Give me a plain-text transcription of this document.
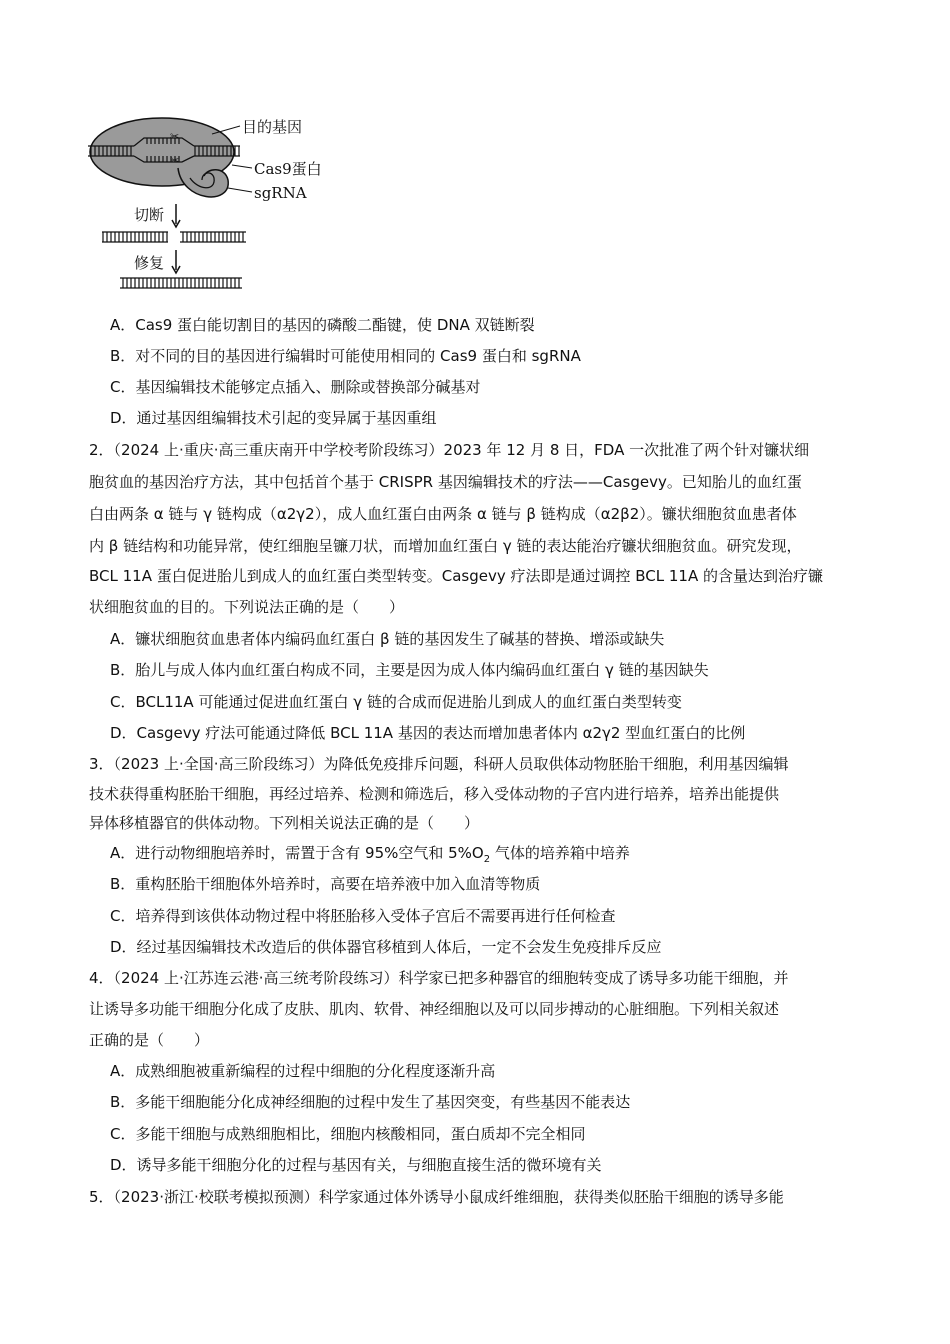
✂
✂
目的基因
Cas9蛋白
sgRNA
切断
修复
A．Cas9 蛋白能切割目的基因的磷酸二酯键，使 DNA 双链断裂
B．对不同的目的基因进行编辑时可能使用相同的 Cas9 蛋白和 sgRNA
C．基因编辑技术能够定点插入、删除或替换部分碱基对
D．通过基因组编辑技术引起的变异属于基因重组
2．（2024 上·重庆·高三重庆南开中学校考阶段练习）2023 年 12 月 8 日，FDA 一次批准了两个针对镰状细
胞贫血的基因治疗方法，其中包括首个基于 CRISPR 基因编辑技术的疗法——Casgevy。已知胎儿的血红蛋
白由两条 α 链与 γ 链构成（α2γ2），成人血红蛋白由两条 α 链与 β 链构成（α2β2）。镰状细胞贫血患者体
内 β 链结构和功能异常，使红细胞呈镰刀状，而增加血红蛋白 γ 链的表达能治疗镰状细胞贫血。研究发现，
BCL 11A 蛋白促进胎儿到成人的血红蛋白类型转变。Casgevy 疗法即是通过调控 BCL 11A 的含量达到治疗镰
状细胞贫血的目的。下列说法正确的是（　　）
A．镰状细胞贫血患者体内编码血红蛋白 β 链的基因发生了碱基的替换、增添或缺失
B．胎儿与成人体内血红蛋白构成不同，主要是因为成人体内编码血红蛋白 γ 链的基因缺失
C．BCL11A 可能通过促进血红蛋白 γ 链的合成而促进胎儿到成人的血红蛋白类型转变
D．Casgevy 疗法可能通过降低 BCL 11A 基因的表达而增加患者体内 α2γ2 型血红蛋白的比例
3．（2023 上·全国·高三阶段练习）为降低免疫排斥问题，科研人员取供体动物胚胎干细胞，利用基因编辑
技术获得重构胚胎干细胞，再经过培养、检测和筛选后，移入受体动物的子宫内进行培养，培养出能提供
异体移植器官的供体动物。下列相关说法正确的是（　　）
A．进行动物细胞培养时，需置于含有 95%空气和 $5\%O_2$ 气体的培养箱中培养
B．重构胚胎干细胞体外培养时，高要在培养液中加入血清等物质
C．培养得到该供体动物过程中将胚胎移入受体子宫后不需要再进行任何检查
D．经过基因编辑技术改造后的供体器官移植到人体后，一定不会发生免疫排斥反应
4．（2024 上·江苏连云港·高三统考阶段练习）科学家已把多种器官的细胞转变成了诱导多功能干细胞，并
让诱导多功能干细胞分化成了皮肤、肌肉、软骨、神经细胞以及可以同步搏动的心脏细胞。下列相关叙述
正确的是（　　）
A．成熟细胞被重新编程的过程中细胞的分化程度逐渐升高
B．多能干细胞能分化成神经细胞的过程中发生了基因突变，有些基因不能表达
C．多能干细胞与成熟细胞相比，细胞内核酸相同，蛋白质却不完全相同
D．诱导多能干细胞分化的过程与基因有关，与细胞直接生活的微环境有关
5．（2023·浙江·校联考模拟预测）科学家通过体外诱导小鼠成纤维细胞，获得类似胚胎干细胞的诱导多能
